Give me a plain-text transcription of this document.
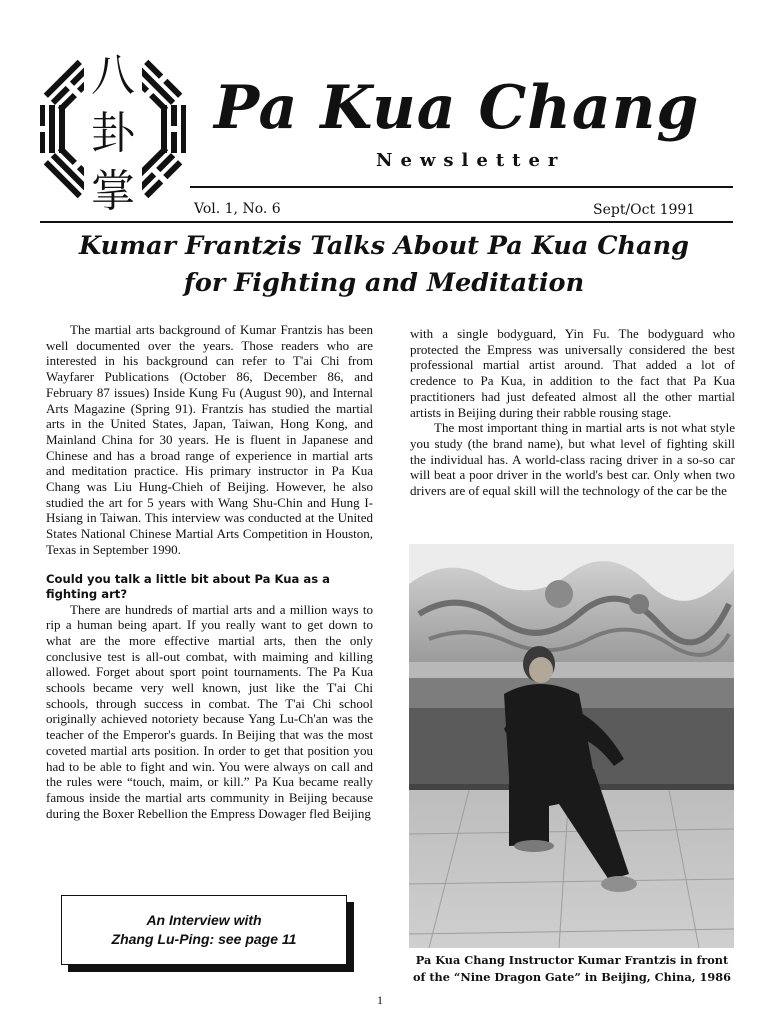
八
卦
掌
Pa Kua Chang
Newsletter
Vol. 1, No. 6	Sept/Oct 1991
Kumar Frantzis Talks About Pa Kua Chang
for Fighting and Meditation

The martial arts background of Kumar Frantzis has been well documented over the years. Those readers who are interested in his background can refer to T'ai Chi from Wayfarer Publications (October 86, December 86, and February 87 issues) Inside Kung Fu (August 90), and Internal Arts Magazine (Spring 91). Frantzis has studied the martial arts in the United States, Japan, Taiwan, Hong Kong, and Mainland China for 30 years. He is fluent in Japanese and Chinese and has a broad range of experience in martial arts and meditation practice. His primary instructor in Pa Kua Chang was Liu Hung-Chieh of Beijing. However, he also studied the art for 5 years with Wang Shu-Chin and Hung I-Hsiang in Taiwan. This interview was conducted at the United States National Chinese Martial Arts Competition in Houston, Texas in September 1990.

Could you talk a little bit about Pa Kua as a fighting art?

There are hundreds of martial arts and a million ways to rip a human being apart. If you really want to get down to what are the more effective martial arts, then the only conclusive test is all-out combat, with maiming and killing allowed. Forget about sport point tournaments. The Pa Kua schools became very well known, just like the T'ai Chi schools, through success in combat. The T'ai Chi school originally achieved notoriety because Yang Lu-Ch'an was the teacher of the Emperor's guards. In Beijing that was the most coveted martial arts position. In order to get that position you had to be able to fight and win. You were always on call and the rules were “touch, maim, or kill.” Pa Kua became really famous inside the martial arts community in Beijing because during the Boxer Rebellion the Empress Dowager fled Beijing

with a single bodyguard, Yin Fu. The bodyguard who protected the Empress was universally considered the best professional martial artist around. That added a lot of credence to Pa Kua, in addition to the fact that Pa Kua practitioners had just defeated almost all the other martial artists in Beijing during their rabble rousing stage.

The most important thing in martial arts is not what style you study (the brand name), but what level of fighting skill the individual has. A world-class racing driver in a so-so car will beat a poor driver in the world's best car. Only when two drivers are of equal skill will the technology of the car be the

An Interview with
Zhang Lu-Ping: see page 11
Pa Kua Chang Instructor Kumar Frantzis in front
of the “Nine Dragon Gate” in Beijing, China, 1986
1
